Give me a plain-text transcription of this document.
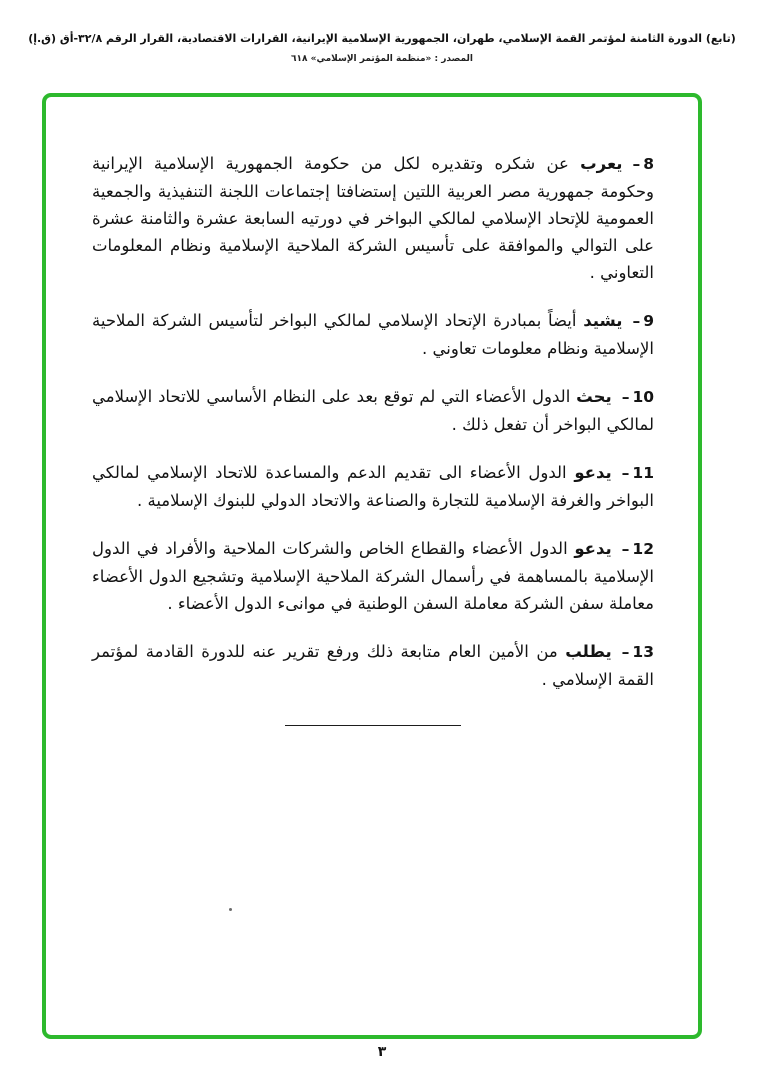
(تابع) الدورة الثامنة لمؤتمر القمة الإسلامي، طهران، الجمهورية الإسلامية الإيرانية، القرارات الاقتصادية، القرار الرقم ٣٢/٨-أق (ق.إ)
المصدر : «منظمة المؤتمر الإسلامي» ٦١٨

– 8يعرب عن شكره وتقديره لكل من حكومة الجمهورية الإسلامية الإيرانية وحكومة جمهورية مصر العربية اللتين إستضافتا إجتماعات اللجنة التنفيذية والجمعية العمومية للإتحاد الإسلامي لمالكي البواخر في دورتيه السابعة عشرة والثامنة عشرة على التوالي والموافقة على تأسيس الشركة الملاحية الإسلامية ونظام المعلومات التعاوني .

– 9يشيد أيضاً بمبادرة الإتحاد الإسلامي لمالكي البواخر لتأسيس الشركة الملاحية الإسلامية ونظام معلومات تعاوني .

– 10يحث الدول الأعضاء التي لم توقع بعد على النظام الأساسي للاتحاد الإسلامي لمالكي البواخر أن تفعل ذلك .

– 11يدعو الدول الأعضاء الى تقديم الدعم والمساعدة للاتحاد الإسلامي لمالكي البواخر والغرفة الإسلامية للتجارة والصناعة والاتحاد الدولي للبنوك الإسلامية .

– 12يدعو الدول الأعضاء والقطاع الخاص والشركات الملاحية والأفراد في الدول الإسلامية بالمساهمة في رأسمال الشركة الملاحية الإسلامية وتشجيع الدول الأعضاء معاملة سفن الشركة معاملة السفن الوطنية في موانىء الدول الأعضاء .

– 13يطلب من الأمين العام متابعة ذلك ورفع تقرير عنه للدورة القادمة لمؤتمر القمة الإسلامي .

٣
